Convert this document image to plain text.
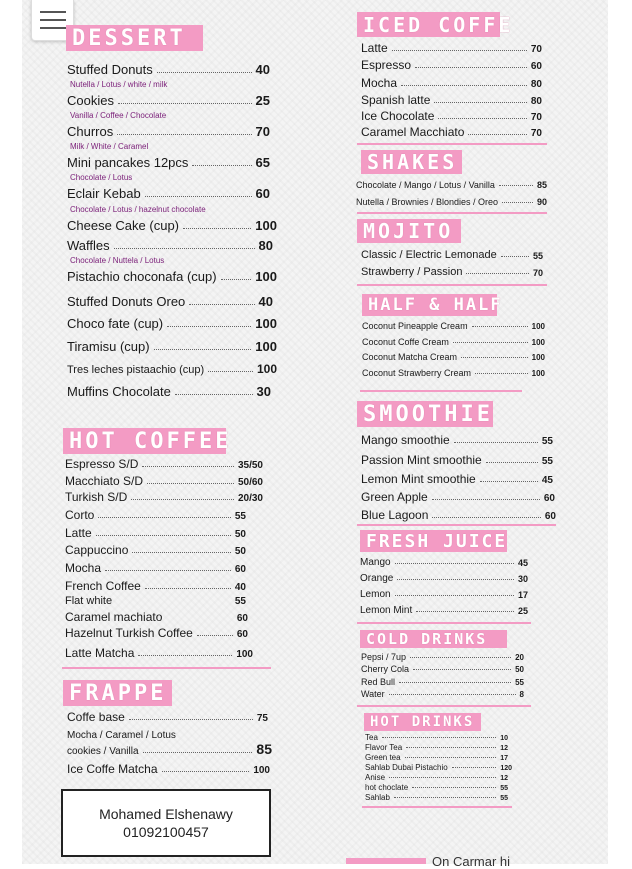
DESSERT
Stuffed Donuts	40
Nutella / Lotus / white / milk
Cookies	25
Vanilla / Coffee / Chocolate
Churros	70
Milk / White / Caramel
Mini pancakes 12pcs	65
Chocolate / Lotus
Eclair Kebab	60
Chocolate / Lotus / hazelnut chocolate
Cheese Cake (cup)	100
Waffles	80
Chocolate / Nuttela / Lotus
Pistachio choconafa (cup)	100
Stuffed Donuts Oreo	40
Choco fate (cup)	100
Tiramisu (cup)	100
Tres leches pistaachio (cup)	100
Muffins Chocolate	30
HOT COFFEE
Espresso S/D	35/50
Macchiato S/D	50/60
Turkish S/D	20/30
Corto	55
Latte	50
Cappuccino	50
Mocha	60
French Coffee	40
Flat white	55
Caramel machiato	60
Hazelnut Turkish Coffee	60
Latte Matcha	100
FRAPPE
Coffe base	75
Mocha / Caramel / Lotus
cookies / Vanilla	85
Ice Coffe Matcha	100
Mohamed Elshenawy
01092100457
ICED COFFE
Latte	70
Espresso	60
Mocha	80
Spanish latte	80
Ice Chocolate	70
Caramel Macchiato	70
SHAKES
Chocolate / Mango / Lotus / Vanilla	85
Nutella / Brownies / Blondies / Oreo	90
MOJITO
Classic / Electric Lemonade	55
Strawberry / Passion	70
HALF & HALF
Coconut Pineapple Cream	100
Coconut Coffe Cream	100
Coconut Matcha Cream	100
Coconut Strawberry Cream	100
SMOOTHIE
Mango smoothie	55
Passion Mint smoothie	55
Lemon Mint smoothie	45
Green Apple	60
Blue Lagoon	60
FRESH JUICE
Mango	45
Orange	30
Lemon	17
Lemon Mint	25
COLD DRINKS
Pepsi / 7up	20
Cherry Cola	50
Red Bull	55
Water	8
HOT DRINKS
Tea	10
Flavor Tea	12
Green tea	17
Sahlab Dubai Pistachio	120
Anise	12
hot choclate	55
Sahlab	55
On Carmar hi
